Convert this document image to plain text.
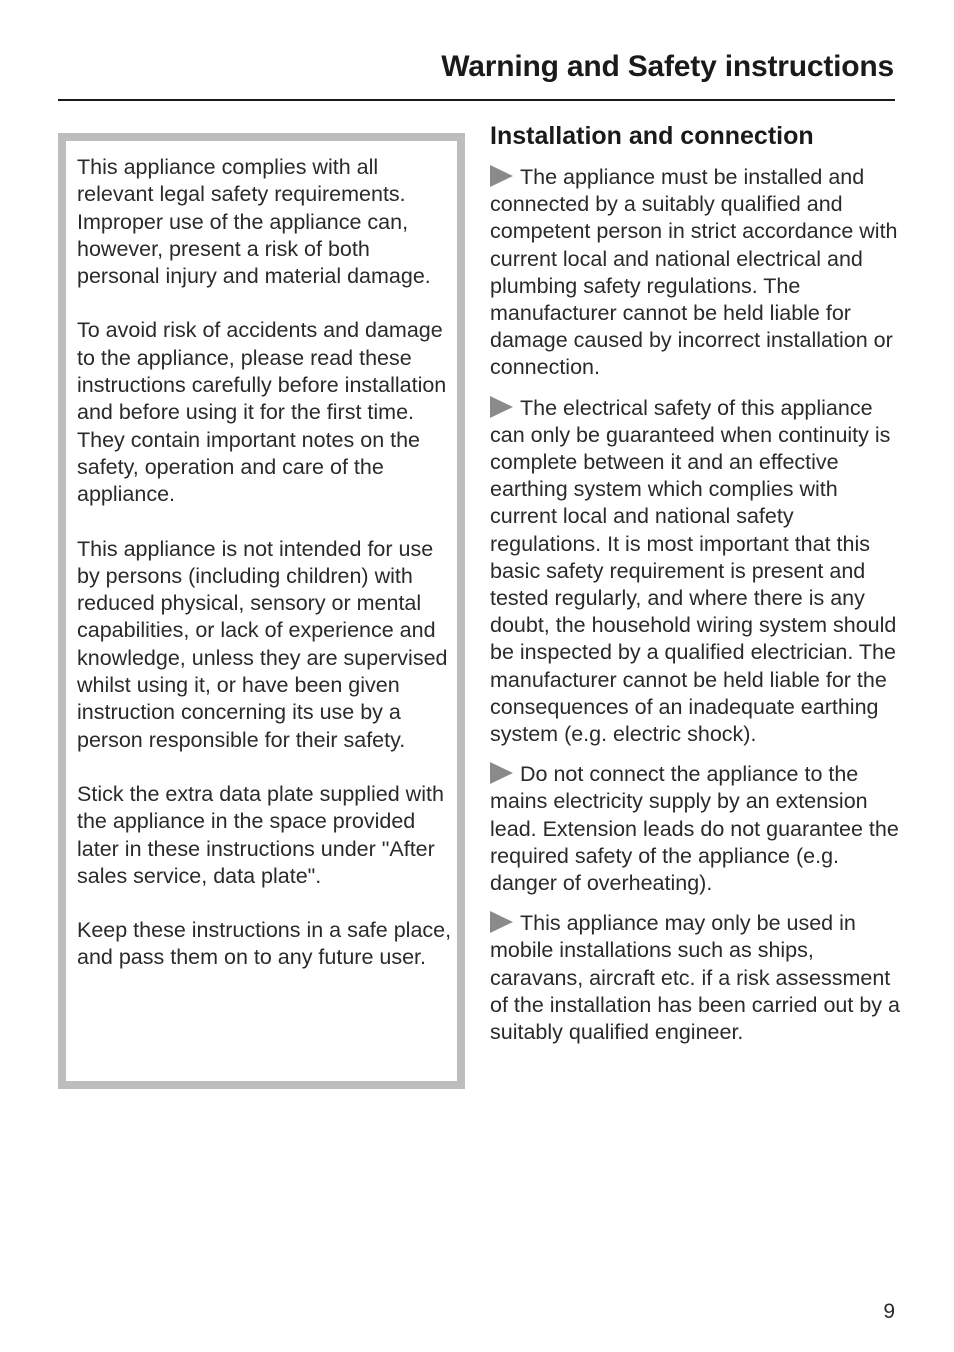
Warning and Safety instructions

This appliance complies with all relevant legal safety requirements. Improper use of the appliance can, however, present a risk of both personal injury and material damage.

To avoid risk of accidents and damage to the appliance, please read these instructions carefully before installation and before using it for the first time. They contain important notes on the safety, operation and care of the appliance.

This appliance is not intended for use by persons (including children) with reduced physical, sensory or mental capabilities, or lack of experience and knowledge, unless they are supervised whilst using it, or have been given instruction concerning its use by a person responsible for their safety.

Stick the extra data plate supplied with the appliance in the space provided later in these instructions under "After sales service, data plate".

Keep these instructions in a safe place, and pass them on to any future user.

Installation and connection

The appliance must be installed and connected by a suitably qualified and competent person in strict accordance with current local and national electrical and plumbing safety regulations. The manufacturer cannot be held liable for damage caused by incorrect installation or connection.

The electrical safety of this appliance can only be guaranteed when continuity is complete between it and an effective earthing system which complies with current local and national safety regulations. It is most important that this basic safety requirement is present and tested regularly, and where there is any doubt, the household wiring system should be inspected by a qualified electrician. The manufacturer cannot be held liable for the consequences of an inadequate earthing system (e.g. electric shock).

Do not connect the appliance to the mains electricity supply by an extension lead. Extension leads do not guarantee the required safety of the appliance (e.g. danger of overheating).

This appliance may only be used in mobile installations such as ships, caravans, aircraft etc. if a risk assessment of the installation has been carried out by a suitably qualified engineer.

9
